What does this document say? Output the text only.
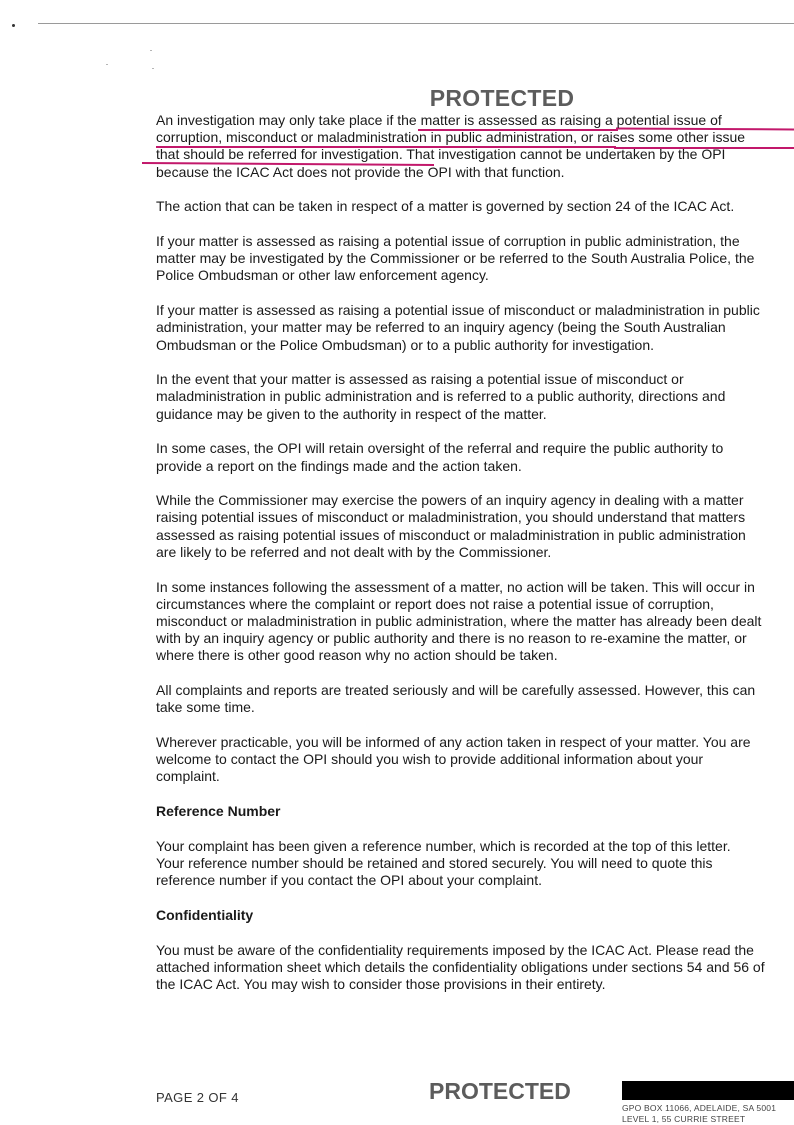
PROTECTED
An investigation may only take place if the matter is assessed as raising a potential issue of
corruption, misconduct or maladministration in public administration, or raises some other issue
that should be referred for investigation. That investigation cannot be undertaken by the OPI
because the ICAC Act does not provide the OPI with that function.
The action that can be taken in respect of a matter is governed by section 24 of the ICAC Act.
If your matter is assessed as raising a potential issue of corruption in public administration, the
matter may be investigated by the Commissioner or be referred to the South Australia Police, the
Police Ombudsman or other law enforcement agency.
If your matter is assessed as raising a potential issue of misconduct or maladministration in public
administration, your matter may be referred to an inquiry agency (being the South Australian
Ombudsman or the Police Ombudsman) or to a public authority for investigation.
In the event that your matter is assessed as raising a potential issue of misconduct or
maladministration in public administration and is referred to a public authority, directions and
guidance may be given to the authority in respect of the matter.
In some cases, the OPI will retain oversight of the referral and require the public authority to
provide a report on the findings made and the action taken.
While the Commissioner may exercise the powers of an inquiry agency in dealing with a matter
raising potential issues of misconduct or maladministration, you should understand that matters
assessed as raising potential issues of misconduct or maladministration in public administration
are likely to be referred and not dealt with by the Commissioner.
In some instances following the assessment of a matter, no action will be taken. This will occur in
circumstances where the complaint or report does not raise a potential issue of corruption,
misconduct or maladministration in public administration, where the matter has already been dealt
with by an inquiry agency or public authority and there is no reason to re-examine the matter, or
where there is other good reason why no action should be taken.
All complaints and reports are treated seriously and will be carefully assessed. However, this can
take some time.
Wherever practicable, you will be informed of any action taken in respect of your matter. You are
welcome to contact the OPI should you wish to provide additional information about your
complaint.
Reference Number
Your complaint has been given a reference number, which is recorded at the top of this letter.
Your reference number should be retained and stored securely. You will need to quote this
reference number if you contact the OPI about your complaint.
Confidentiality
You must be aware of the confidentiality requirements imposed by the ICAC Act. Please read the
attached information sheet which details the confidentiality obligations under sections 54 and 56 of
the ICAC Act. You may wish to consider those provisions in their entirety.
PAGE 2 OF 4	PROTECTED
GPO BOX 11066, ADELAIDE, SA 5001
LEVEL 1, 55 CURRIE STREET
